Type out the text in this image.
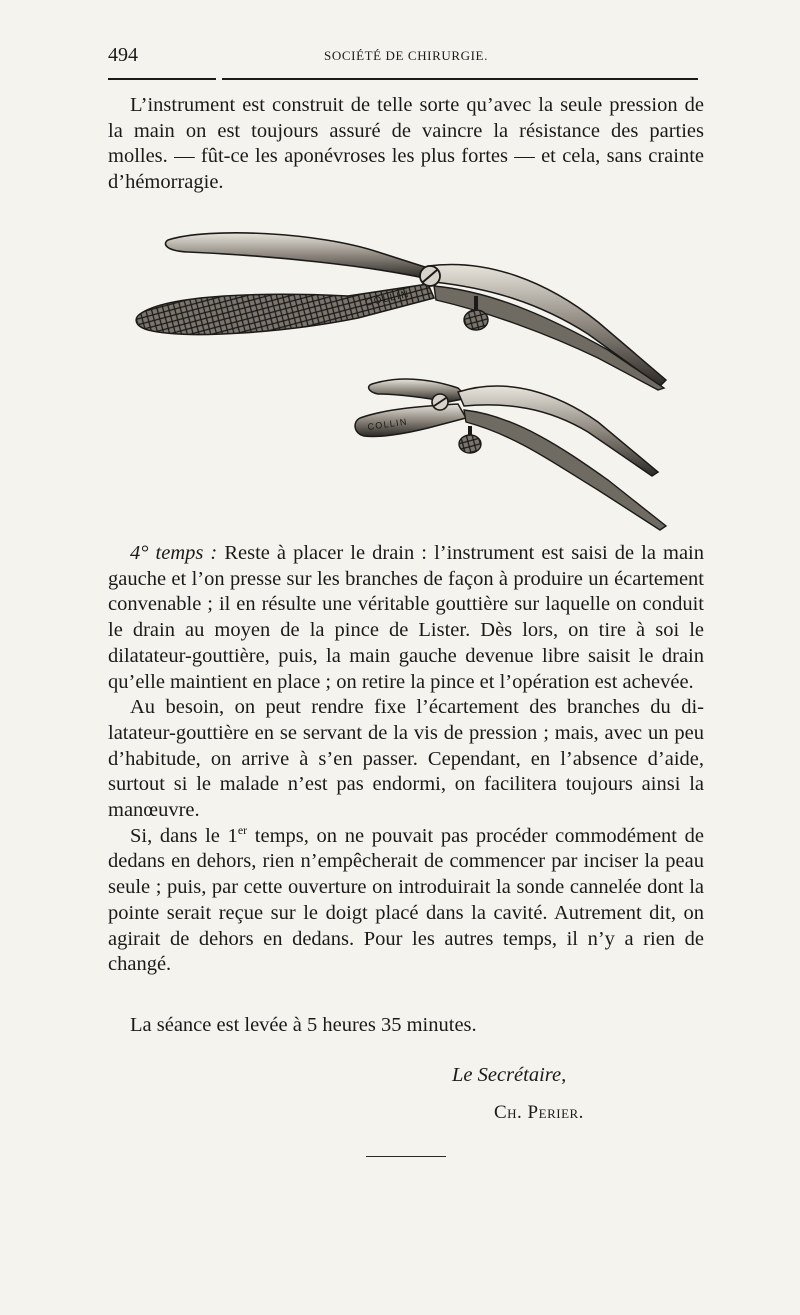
494	SOCIÉTÉ DE CHIRURGIE.

L’instrument est construit de telle sorte qu’avec la seule pression de la main on est toujours assuré de vaincre la résistance des parties molles. — fût-ce les aponévroses les plus fortes — et cela, sans crainte d’hémorragie.

COLLIN
COLLIN

4° temps : Reste à placer le drain : l’instrument est saisi de la main gauche et l’on presse sur les branches de façon à produire un écartement convenable ; il en résulte une véritable gouttière sur laquelle on conduit le drain au moyen de la pince de Lister. Dès lors, on tire à soi le dilatateur-gouttière, puis, la main gauche devenue libre saisit le drain qu’elle maintient en place ; on retire la pince et l’opération est achevée.

Au besoin, on peut rendre fixe l’écartement des branches du dilatateur-gouttière en se servant de la vis de pression ; mais, avec un peu d’habitude, on arrive à s’en passer. Cependant, en l’absence d’aide, surtout si le malade n’est pas endormi, on facilitera toujours ainsi la manœuvre.

Si, dans le 1er temps, on ne pouvait pas procéder commodément de dedans en dehors, rien n’empêcherait de commencer par inciser la peau seule ; puis, par cette ouverture on introduirait la sonde cannelée dont la pointe serait reçue sur le doigt placé dans la cavité. Autrement dit, on agirait de dehors en dedans. Pour les autres temps, il n’y a rien de changé.

La séance est levée à 5 heures 35 minutes.
Le Secrétaire,
Ch. Perier.
